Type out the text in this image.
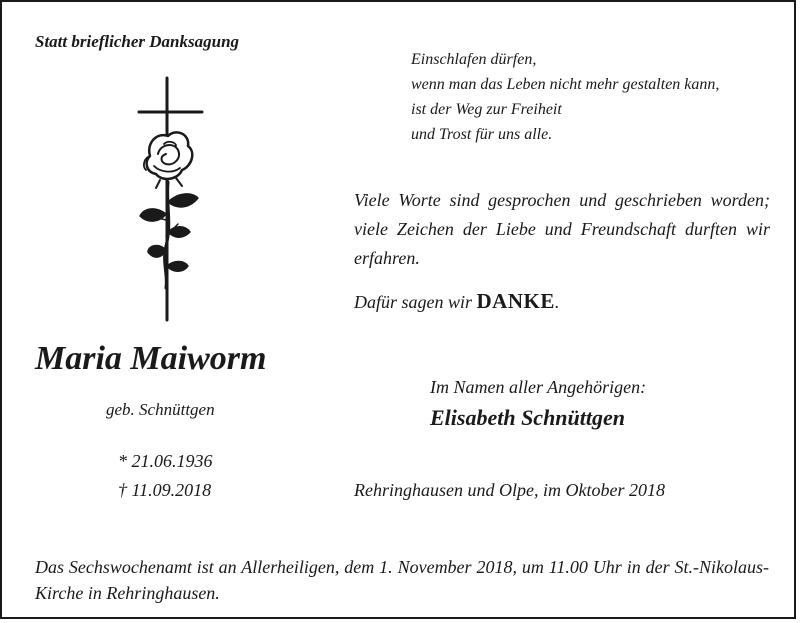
Statt brieflicher Danksagung
Einschlafen dürfen,
wenn man das Leben nicht mehr gestalten kann,
ist der Weg zur Freiheit
und Trost für uns alle.
Viele Worte sind gesprochen und geschrieben worden; viele Zeichen der Liebe und Freundschaft durften wir erfahren.
Dafür sagen wir DANKE.
Maria Maiworm
geb. Schnüttgen
* 21.06.1936
† 11.09.2018
Im Namen aller Angehörigen:
Elisabeth Schnüttgen
Rehringhausen und Olpe, im Oktober 2018
Das Sechswochenamt ist an Allerheiligen, dem 1. November 2018, um 11.00 Uhr in der St.-Nikolaus-Kirche in Rehringhausen.
